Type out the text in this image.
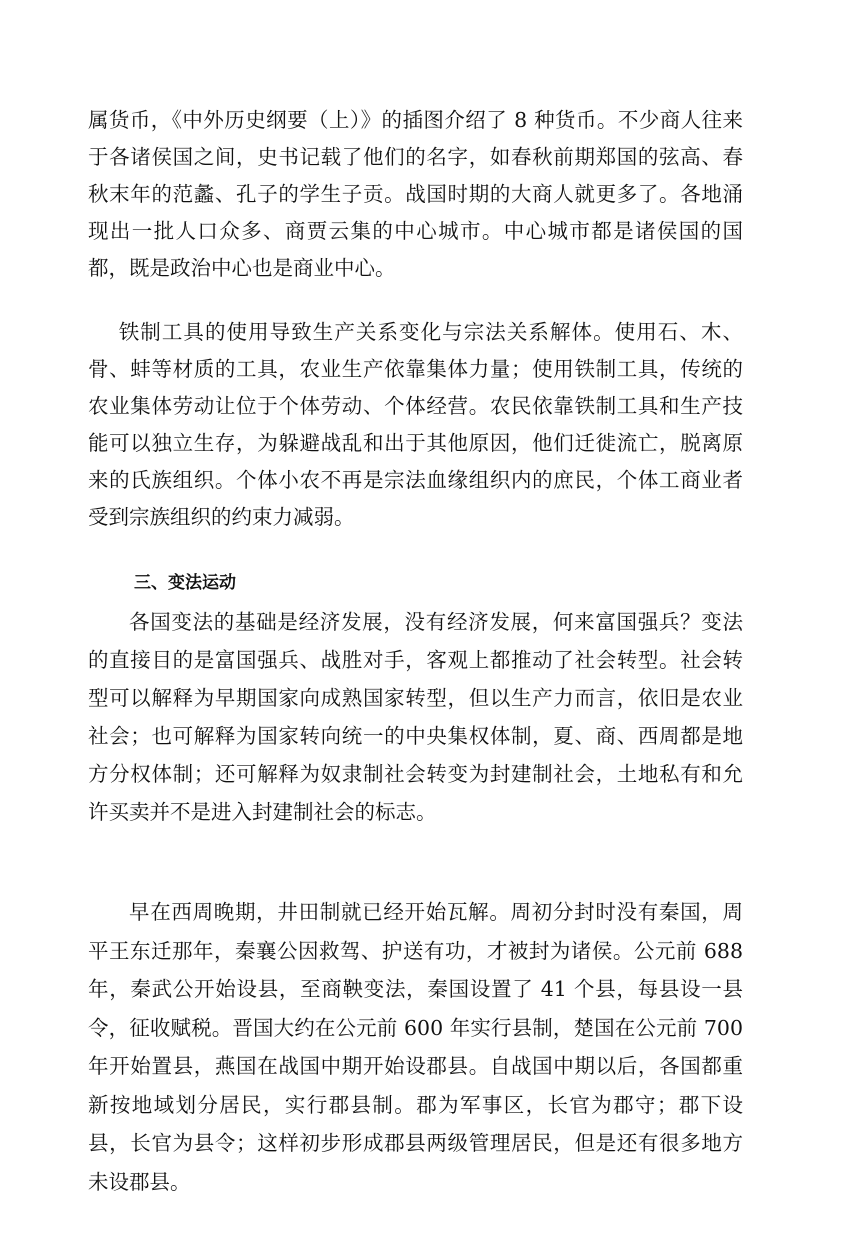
属货币，《中外历史纲要（上）》的插图介绍了 8 种货币。不少商人往来于各诸侯国之间，史书记载了他们的名字，如春秋前期郑国的弦高、春秋末年的范蠡、孔子的学生子贡。战国时期的大商人就更多了。各地涌现出一批人口众多、商贾云集的中心城市。中心城市都是诸侯国的国都，既是政治中心也是商业中心。

铁制工具的使用导致生产关系变化与宗法关系解体。使用石、木、骨、蚌等材质的工具，农业生产依靠集体力量；使用铁制工具，传统的农业集体劳动让位于个体劳动、个体经营。农民依靠铁制工具和生产技能可以独立生存，为躲避战乱和出于其他原因，他们迁徙流亡，脱离原来的氏族组织。个体小农不再是宗法血缘组织内的庶民，个体工商业者受到宗族组织的约束力减弱。

三、变法运动

各国变法的基础是经济发展，没有经济发展，何来富国强兵？变法的直接目的是富国强兵、战胜对手，客观上都推动了社会转型。社会转型可以解释为早期国家向成熟国家转型，但以生产力而言，依旧是农业社会；也可解释为国家转向统一的中央集权体制，夏、商、西周都是地方分权体制；还可解释为奴隶制社会转变为封建制社会，土地私有和允许买卖并不是进入封建制社会的标志。

早在西周晚期，井田制就已经开始瓦解。周初分封时没有秦国，周平王东迁那年，秦襄公因救驾、护送有功，才被封为诸侯。公元前 688 年，秦武公开始设县，至商鞅变法，秦国设置了 41 个县，每县设一县令，征收赋税。晋国大约在公元前 600 年实行县制，楚国在公元前 700 年开始置县，燕国在战国中期开始设郡县。自战国中期以后，各国都重新按地域划分居民，实行郡县制。郡为军事区，长官为郡守；郡下设县，长官为县令；这样初步形成郡县两级管理居民，但是还有很多地方未设郡县。
